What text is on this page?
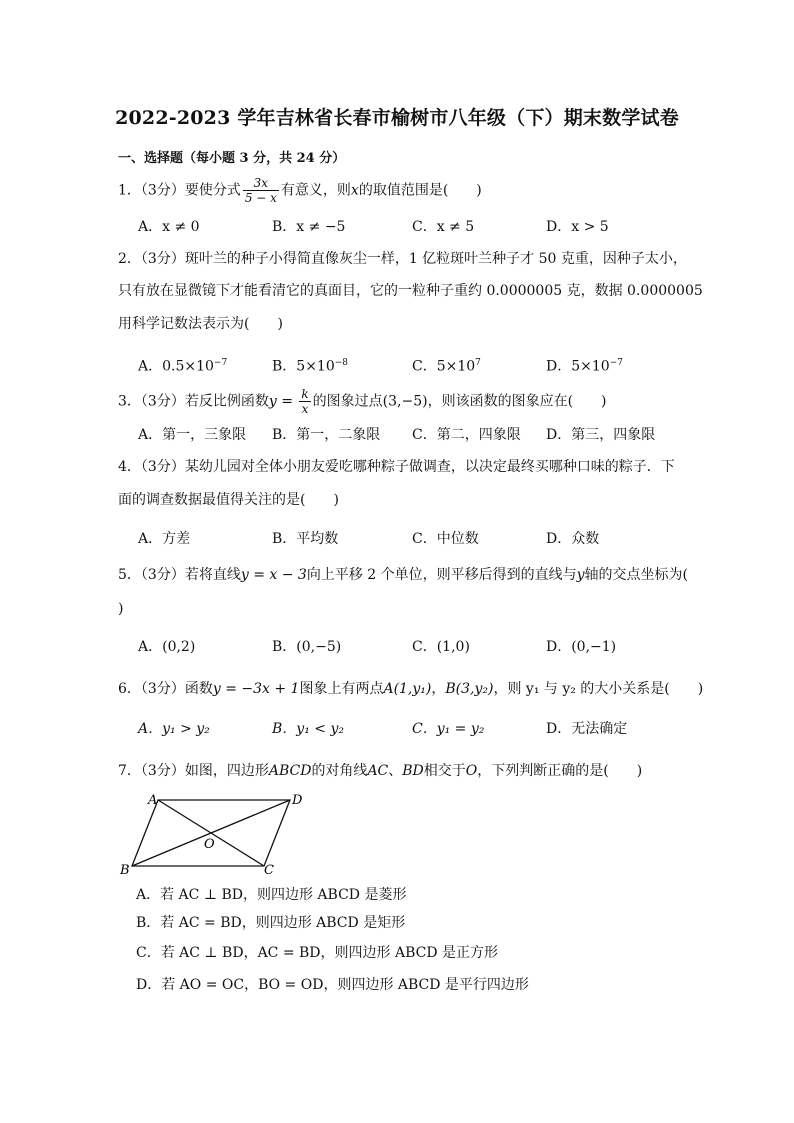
2022-2023 学年吉林省长春市榆树市八年级（下）期末数学试卷
一、选择题（每小题 3 分，共 24 分）
1．（3分）要使分式 $\frac{3x}{5 - x}$ 有意义，则x的取值范围是(　　)
A．x ≠ 0	B．x ≠ −5	C．x ≠ 5	D．x > 5
2．（3分）斑叶兰的种子小得简直像灰尘一样，1 亿粒斑叶兰种子才 50 克重，因种子太小，
只有放在显微镜下才能看清它的真面目，它的一粒种子重约 0.0000005 克，数据 0.0000005
用科学记数法表示为(　　)
A．$0.5\times 10^{-7}$	B．$5\times 10^{-8}$	C．$5\times 10^7$	D．$5\times 10^{-7}$
3．（3分）若反比例函数$y = \frac{k}{x}$ 的图象过点(3,−5)，则该函数的图象应在(　　)
A．第一，三象限 B．第一，二象限 C．第二，四象限 D．第三，四象限
4．（3分）某幼儿园对全体小朋友爱吃哪种粽子做调查，以决定最终买哪种口味的粽子．下
面的调查数据最值得关注的是(　　)
A．方差	B．平均数	C．中位数	D．众数
5．（3分）若将直线y = x − 3向上平移 2 个单位，则平移后得到的直线与y轴的交点坐标为(
)
A．(0,2)	B．(0,−5)	C．(1,0)	D．(0,−1)
6．（3分）函数y = −3x + 1图象上有两点A(1,y₁)，B(3,y₂)，则 y₁ 与 y₂ 的大小关系是(　　)
A．y₁ > y₂	B．y₁ < y₂	C．y₁ = y₂	D．无法确定
7．（3分）如图，四边形ABCD的对角线AC、BD相交于O，下列判断正确的是(　　)
A	D
B	C
O
A．若 AC ⊥ BD，则四边形 ABCD 是菱形
B．若 AC = BD，则四边形 ABCD 是矩形
C．若 AC ⊥ BD，AC = BD，则四边形 ABCD 是正方形
D．若 AO = OC，BO = OD，则四边形 ABCD 是平行四边形
